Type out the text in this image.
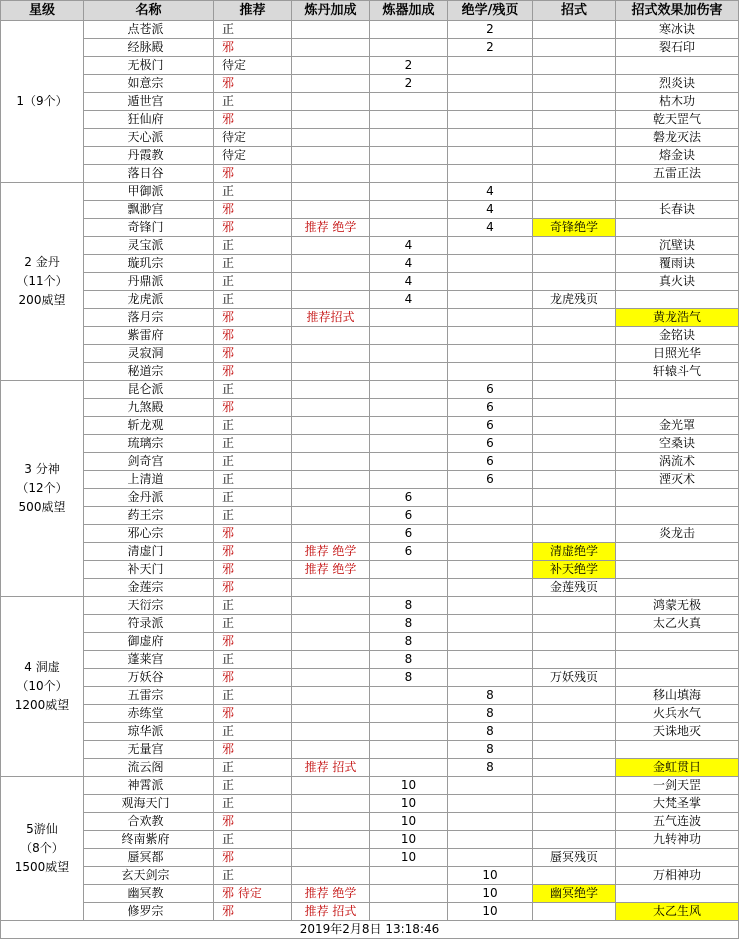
星级	名称	推荐	炼丹加成	炼器加成	绝学/残页	招式	招式效果加伤害	

1（9个）	点苍派	正			2		寒冰诀	
	经脉殿	邪			2		裂石印	
	无极门	待定		2				
	如意宗	邪		2			烈炎诀	
	遁世宫	正					枯木功	
	狂仙府	邪					乾天罡气	
	天心派	待定					磐龙灭法	
	丹霞教	待定					熔金诀	
	落日谷	邪					五雷正法	

2 金丹
（11个）
200威望	甲御派	正			4			
	飘渺宫	邪			4		长春诀	
	奇锋门	邪	推荐 绝学		4	奇锋绝学		
	灵宝派	正		4			沉壁诀	
	璇玑宗	正		4			覆雨诀	
	丹鼎派	正		4			真火诀	
	龙虎派	正		4		龙虎残页		
	落月宗	邪	推荐招式				黄龙浩气	
	紫雷府	邪					金铭诀	
	灵寂洞	邪					日照光华	
	秘道宗	邪					轩辕斗气	

3 分神
（12个）
500威望	昆仑派	正			6			
	九煞殿	邪			6			
	斩龙观	正			6		金光罩	
	琉璃宗	正			6		空桑诀	
	剑奇宫	正			6		涡流术	
	上清道	正			6		湮灭术	
	金丹派	正		6				
	药王宗	正		6				
	邪心宗	邪		6			炎龙击	
	清虚门	邪	推荐 绝学	6		清虚绝学		
	补天门	邪	推荐 绝学			补天绝学		
	金莲宗	邪				金莲残页		

4 洞虚
（10个）
1200威望	天衍宗	正		8			鸿蒙无极	
	符录派	正		8			太乙火真	
	御虚府	邪		8				
	蓬莱宫	正		8				
	万妖谷	邪		8		万妖残页		
	五雷宗	正			8		移山填海	
	赤练堂	邪			8		火兵水气	
	琼华派	正			8		天诛地灭	
	无量宫	邪			8			
	流云阁	正	推荐 招式		8		金虹贯日	

5游仙
（8个）
1500威望	神霄派	正		10			一剑天罡	
	观海天门	正		10			大梵圣掌	
	合欢教	邪		10			五气连波	
	终南紫府	正		10			九转神功	
	蜃冥都	邪		10		蜃冥残页		
	玄天剑宗	正			10		万相神功	
	幽冥教	邪 待定	推荐 绝学		10	幽冥绝学		
	修罗宗	邪	推荐 招式		10		太乙生风	
2019年2月8日 13:18:46								
